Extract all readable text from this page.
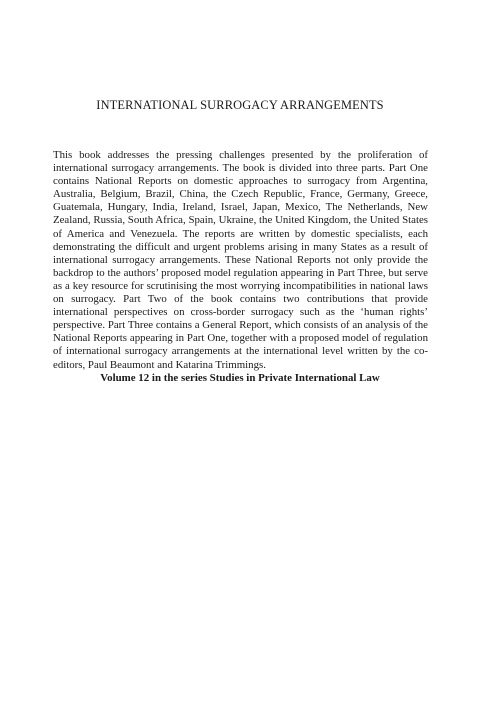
INTERNATIONAL SURROGACY ARRANGEMENTS

This book addresses the pressing challenges presented by the proliferation of international surrogacy arrangements. The book is divided into three parts. Part One contains National Reports on domestic approaches to surrogacy from Argentina, Australia, Belgium, Brazil, China, the Czech Republic, France, Germany, Greece, Guatemala, Hungary, India, Ireland, Israel, Japan, Mexico, The Netherlands, New Zealand, Russia, South Africa, Spain, Ukraine, the United Kingdom, the United States of America and Venezuela. The reports are written by domestic specialists, each demonstrating the difficult and urgent problems arising in many States as a result of international surrogacy arrangements. These National Reports not only provide the backdrop to the authors’ proposed model regulation appearing in Part Three, but serve as a key resource for scrutinising the most worrying incompatibilities in national laws on surrogacy. Part Two of the book contains two contributions that provide international perspectives on cross-border surrogacy such as the ‘human rights’ perspective. Part Three contains a General Report, which consists of an analysis of the National Reports appearing in Part One, together with a proposed model of regulation of international surrogacy arrangements at the international level written by the co-editors, Paul Beaumont and Katarina Trimmings.

Volume 12 in the series Studies in Private International Law
